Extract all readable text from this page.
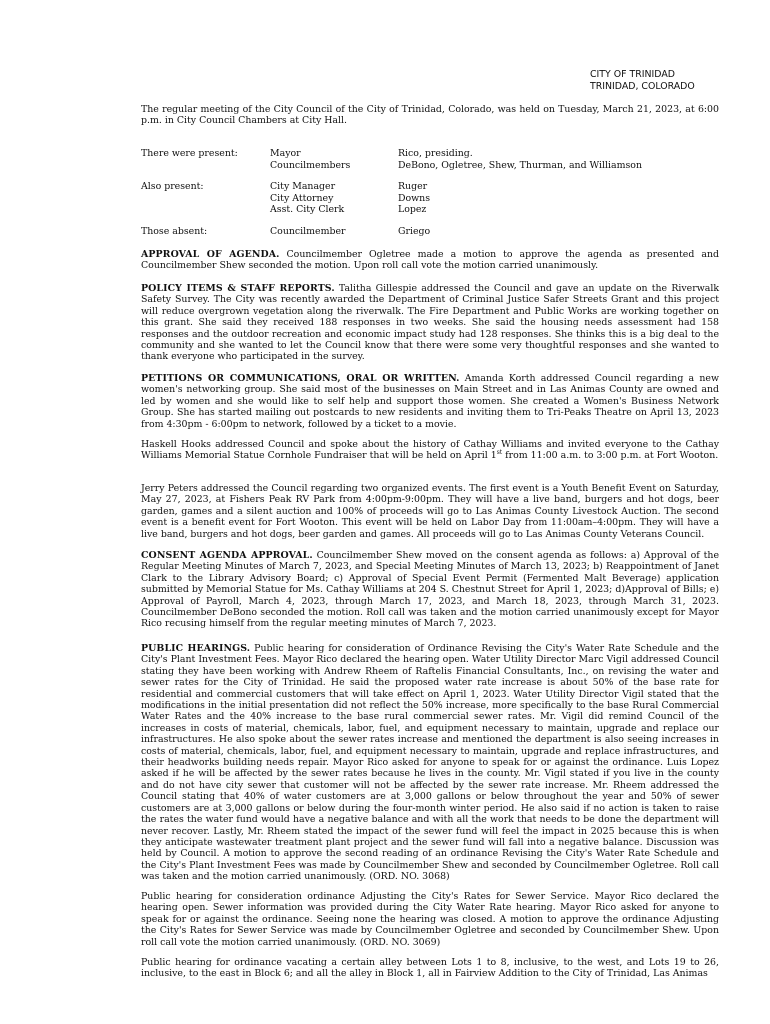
CITY OF TRINIDAD
TRINIDAD, COLORADO

The regular meeting of the City Council of the City of Trinidad, Colorado, was held on Tuesday, March 21, 2023, at 6:00 p.m. in City Council Chambers at City Hall.

There were present:	Mayor	Rico, presiding.
Councilmembers	DeBono, Ogletree, Shew, Thurman, and Williamson
Also present:	City Manager	Ruger
City Attorney	Downs
Asst. City Clerk	Lopez
Those absent:	Councilmember	Griego

APPROVAL OF AGENDA. Councilmember Ogletree made a motion to approve the agenda as presented and Councilmember Shew seconded the motion. Upon roll call vote the motion carried unanimously.

POLICY ITEMS & STAFF REPORTS. Talitha Gillespie addressed the Council and gave an update on the Riverwalk Safety Survey. The City was recently awarded the Department of Criminal Justice Safer Streets Grant and this project will reduce overgrown vegetation along the riverwalk. The Fire Department and Public Works are working together on this grant. She said they received 188 responses in two weeks. She said the housing needs assessment had 158 responses and the outdoor recreation and economic impact study had 128 responses. She thinks this is a big deal to the community and she wanted to let the Council know that there were some very thoughtful responses and she wanted to thank everyone who participated in the survey.

PETITIONS OR COMMUNICATIONS, ORAL OR WRITTEN. Amanda Korth addressed Council regarding a new women's networking group. She said most of the businesses on Main Street and in Las Animas County are owned and led by women and she would like to self help and support those women. She created a Women's Business Network Group. She has started mailing out postcards to new residents and inviting them to Tri-Peaks Theatre on April 13, 2023 from 4:30pm - 6:00pm to network, followed by a ticket to a movie.

Haskell Hooks addressed Council and spoke about the history of Cathay Williams and invited everyone to the Cathay Williams Memorial Statue Cornhole Fundraiser that will be held on April 1st from 11:00 a.m. to 3:00 p.m. at Fort Wooton.

Jerry Peters addressed the Council regarding two organized events. The first event is a Youth Benefit Event on Saturday, May 27, 2023, at Fishers Peak RV Park from 4:00pm-9:00pm. They will have a live band, burgers and hot dogs, beer garden, games and a silent auction and 100% of proceeds will go to Las Animas County Livestock Auction. The second event is a benefit event for Fort Wooton. This event will be held on Labor Day from 11:00am–4:00pm. They will have a live band, burgers and hot dogs, beer garden and games. All proceeds will go to Las Animas County Veterans Council.

CONSENT AGENDA APPROVAL. Councilmember Shew moved on the consent agenda as follows: a) Approval of the Regular Meeting Minutes of March 7, 2023, and Special Meeting Minutes of March 13, 2023; b) Reappointment of Janet Clark to the Library Advisory Board; c) Approval of Special Event Permit (Fermented Malt Beverage) application submitted by Memorial Statue for Ms. Cathay Williams at 204 S. Chestnut Street for April 1, 2023; d)Approval of Bills; e) Approval of Payroll, March 4, 2023, through March 17, 2023, and March 18, 2023, through March 31, 2023. Councilmember DeBono seconded the motion. Roll call was taken and the motion carried unanimously except for Mayor Rico recusing himself from the regular meeting minutes of March 7, 2023.

PUBLIC HEARINGS. Public hearing for consideration of Ordinance Revising the City's Water Rate Schedule and the City's Plant Investment Fees. Mayor Rico declared the hearing open. Water Utility Director Marc Vigil addressed Council stating they have been working with Andrew Rheem of Raftelis Financial Consultants, Inc., on revising the water and sewer rates for the City of Trinidad. He said the proposed water rate increase is about 50% of the base rate for residential and commercial customers that will take effect on April 1, 2023. Water Utility Director Vigil stated that the modifications in the initial presentation did not reflect the 50% increase, more specifically to the base Rural Commercial Water Rates and the 40% increase to the base rural commercial sewer rates. Mr. Vigil did remind Council of the increases in costs of material, chemicals, labor, fuel, and equipment necessary to maintain, upgrade and replace our infrastructures. He also spoke about the sewer rates increase and mentioned the department is also seeing increases in costs of material, chemicals, labor, fuel, and equipment necessary to maintain, upgrade and replace infrastructures, and their headworks building needs repair. Mayor Rico asked for anyone to speak for or against the ordinance. Luis Lopez asked if he will be affected by the sewer rates because he lives in the county. Mr. Vigil stated if you live in the county and do not have city sewer that customer will not be affected by the sewer rate increase. Mr. Rheem addressed the Council stating that 40% of water customers are at 3,000 gallons or below throughout the year and 50% of sewer customers are at 3,000 gallons or below during the four-month winter period. He also said if no action is taken to raise the rates the water fund would have a negative balance and with all the work that needs to be done the department will never recover. Lastly, Mr. Rheem stated the impact of the sewer fund will feel the impact in 2025 because this is when they anticipate wastewater treatment plant project and the sewer fund will fall into a negative balance. Discussion was held by Council. A motion to approve the second reading of an ordinance Revising the City's Water Rate Schedule and the City's Plant Investment Fees was made by Councilmember Shew and seconded by Councilmember Ogletree. Roll call was taken and the motion carried unanimously. (ORD. NO. 3068)

Public hearing for consideration ordinance Adjusting the City's Rates for Sewer Service. Mayor Rico declared the hearing open. Sewer information was provided during the City Water Rate hearing. Mayor Rico asked for anyone to speak for or against the ordinance. Seeing none the hearing was closed. A motion to approve the ordinance Adjusting the City's Rates for Sewer Service was made by Councilmember Ogletree and seconded by Councilmember Shew. Upon roll call vote the motion carried unanimously. (ORD. NO. 3069)

Public hearing for ordinance vacating a certain alley between Lots 1 to 8, inclusive, to the west, and Lots 19 to 26, inclusive, to the east in Block 6; and all the alley in Block 1, all in Fairview Addition to the City of Trinidad, Las Animas
